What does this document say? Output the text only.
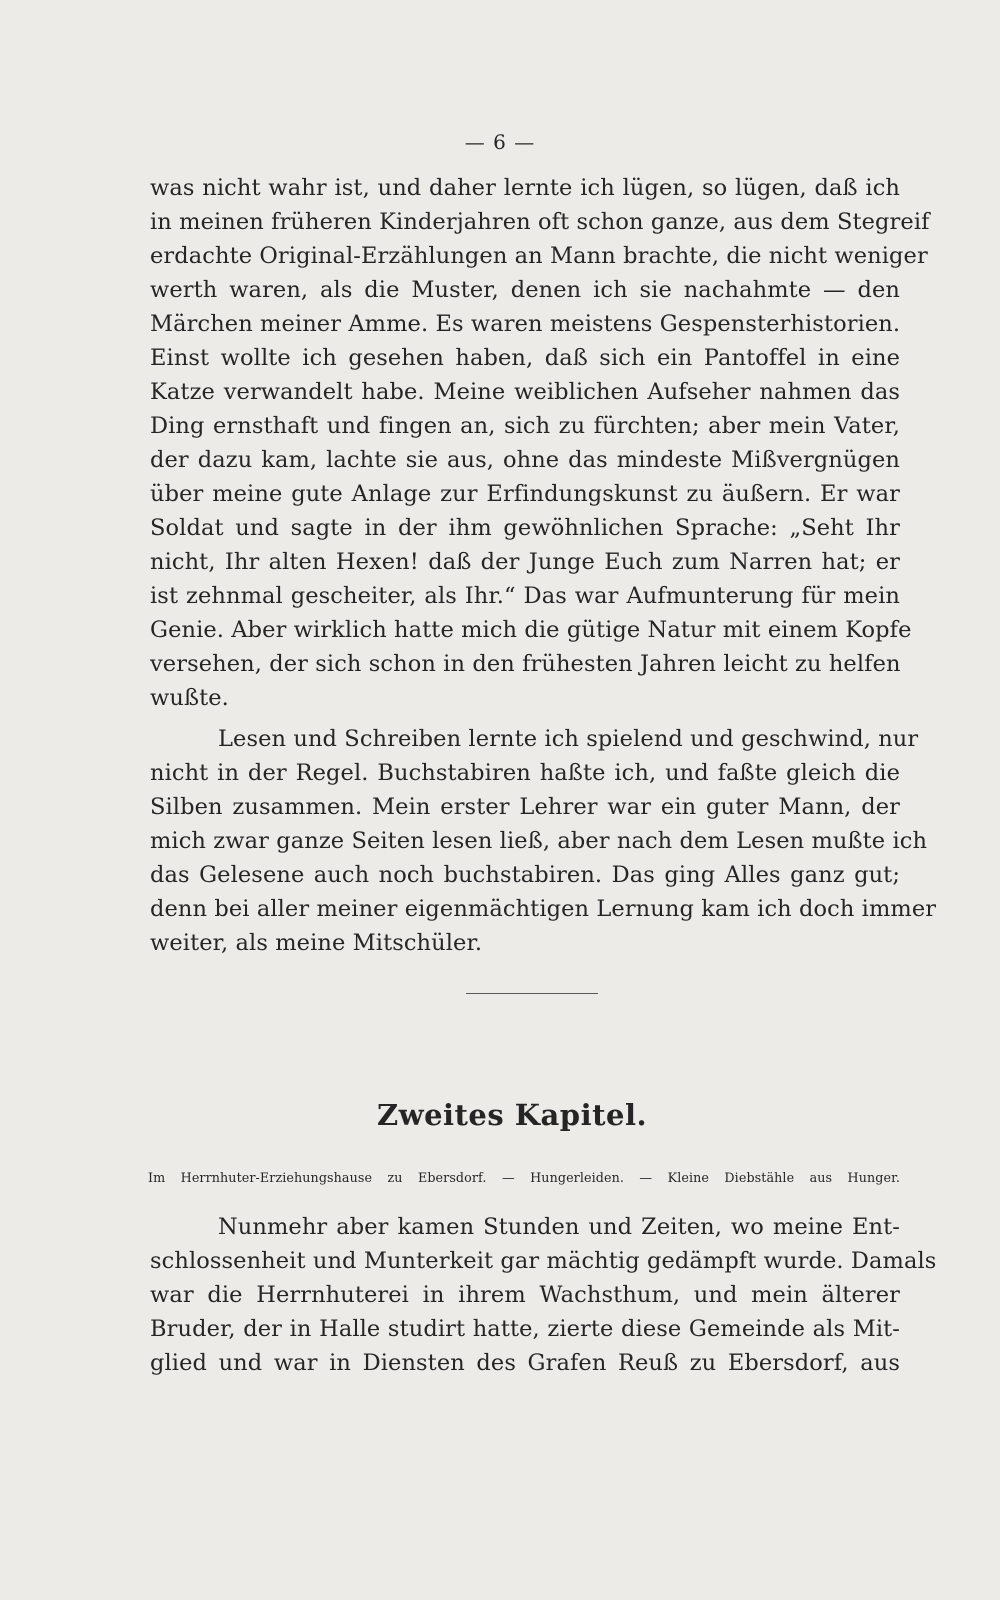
— 6 —
was nicht wahr ist, und daher lernte ich lügen, so lügen, daß ich
in meinen früheren Kinderjahren oft schon ganze, aus dem Stegreif
erdachte Original-Erzählungen an Mann brachte, die nicht weniger
werth waren, als die Muster, denen ich sie nachahmte — den
Märchen meiner Amme. Es waren meistens Gespensterhistorien.
Einst wollte ich gesehen haben, daß sich ein Pantoffel in eine
Katze verwandelt habe. Meine weiblichen Aufseher nahmen das
Ding ernsthaft und fingen an, sich zu fürchten; aber mein Vater,
der dazu kam, lachte sie aus, ohne das mindeste Mißvergnügen
über meine gute Anlage zur Erfindungskunst zu äußern. Er war
Soldat und sagte in der ihm gewöhnlichen Sprache: „Seht Ihr
nicht, Ihr alten Hexen! daß der Junge Euch zum Narren hat; er
ist zehnmal gescheiter, als Ihr.“ Das war Aufmunterung für mein
Genie. Aber wirklich hatte mich die gütige Natur mit einem Kopfe
versehen, der sich schon in den frühesten Jahren leicht zu helfen
wußte.
Lesen und Schreiben lernte ich spielend und geschwind, nur
nicht in der Regel. Buchstabiren haßte ich, und faßte gleich die
Silben zusammen. Mein erster Lehrer war ein guter Mann, der
mich zwar ganze Seiten lesen ließ, aber nach dem Lesen mußte ich
das Gelesene auch noch buchstabiren. Das ging Alles ganz gut;
denn bei aller meiner eigenmächtigen Lernung kam ich doch immer
weiter, als meine Mitschüler.
Zweites Kapitel.
Im Herrnhuter-Erziehungshause zu Ebersdorf. — Hungerleiden. — Kleine Diebstähle aus Hunger.
Nunmehr aber kamen Stunden und Zeiten, wo meine Ent-
schlossenheit und Munterkeit gar mächtig gedämpft wurde. Damals
war die Herrnhuterei in ihrem Wachsthum, und mein älterer
Bruder, der in Halle studirt hatte, zierte diese Gemeinde als Mit-
glied und war in Diensten des Grafen Reuß zu Ebersdorf, aus
